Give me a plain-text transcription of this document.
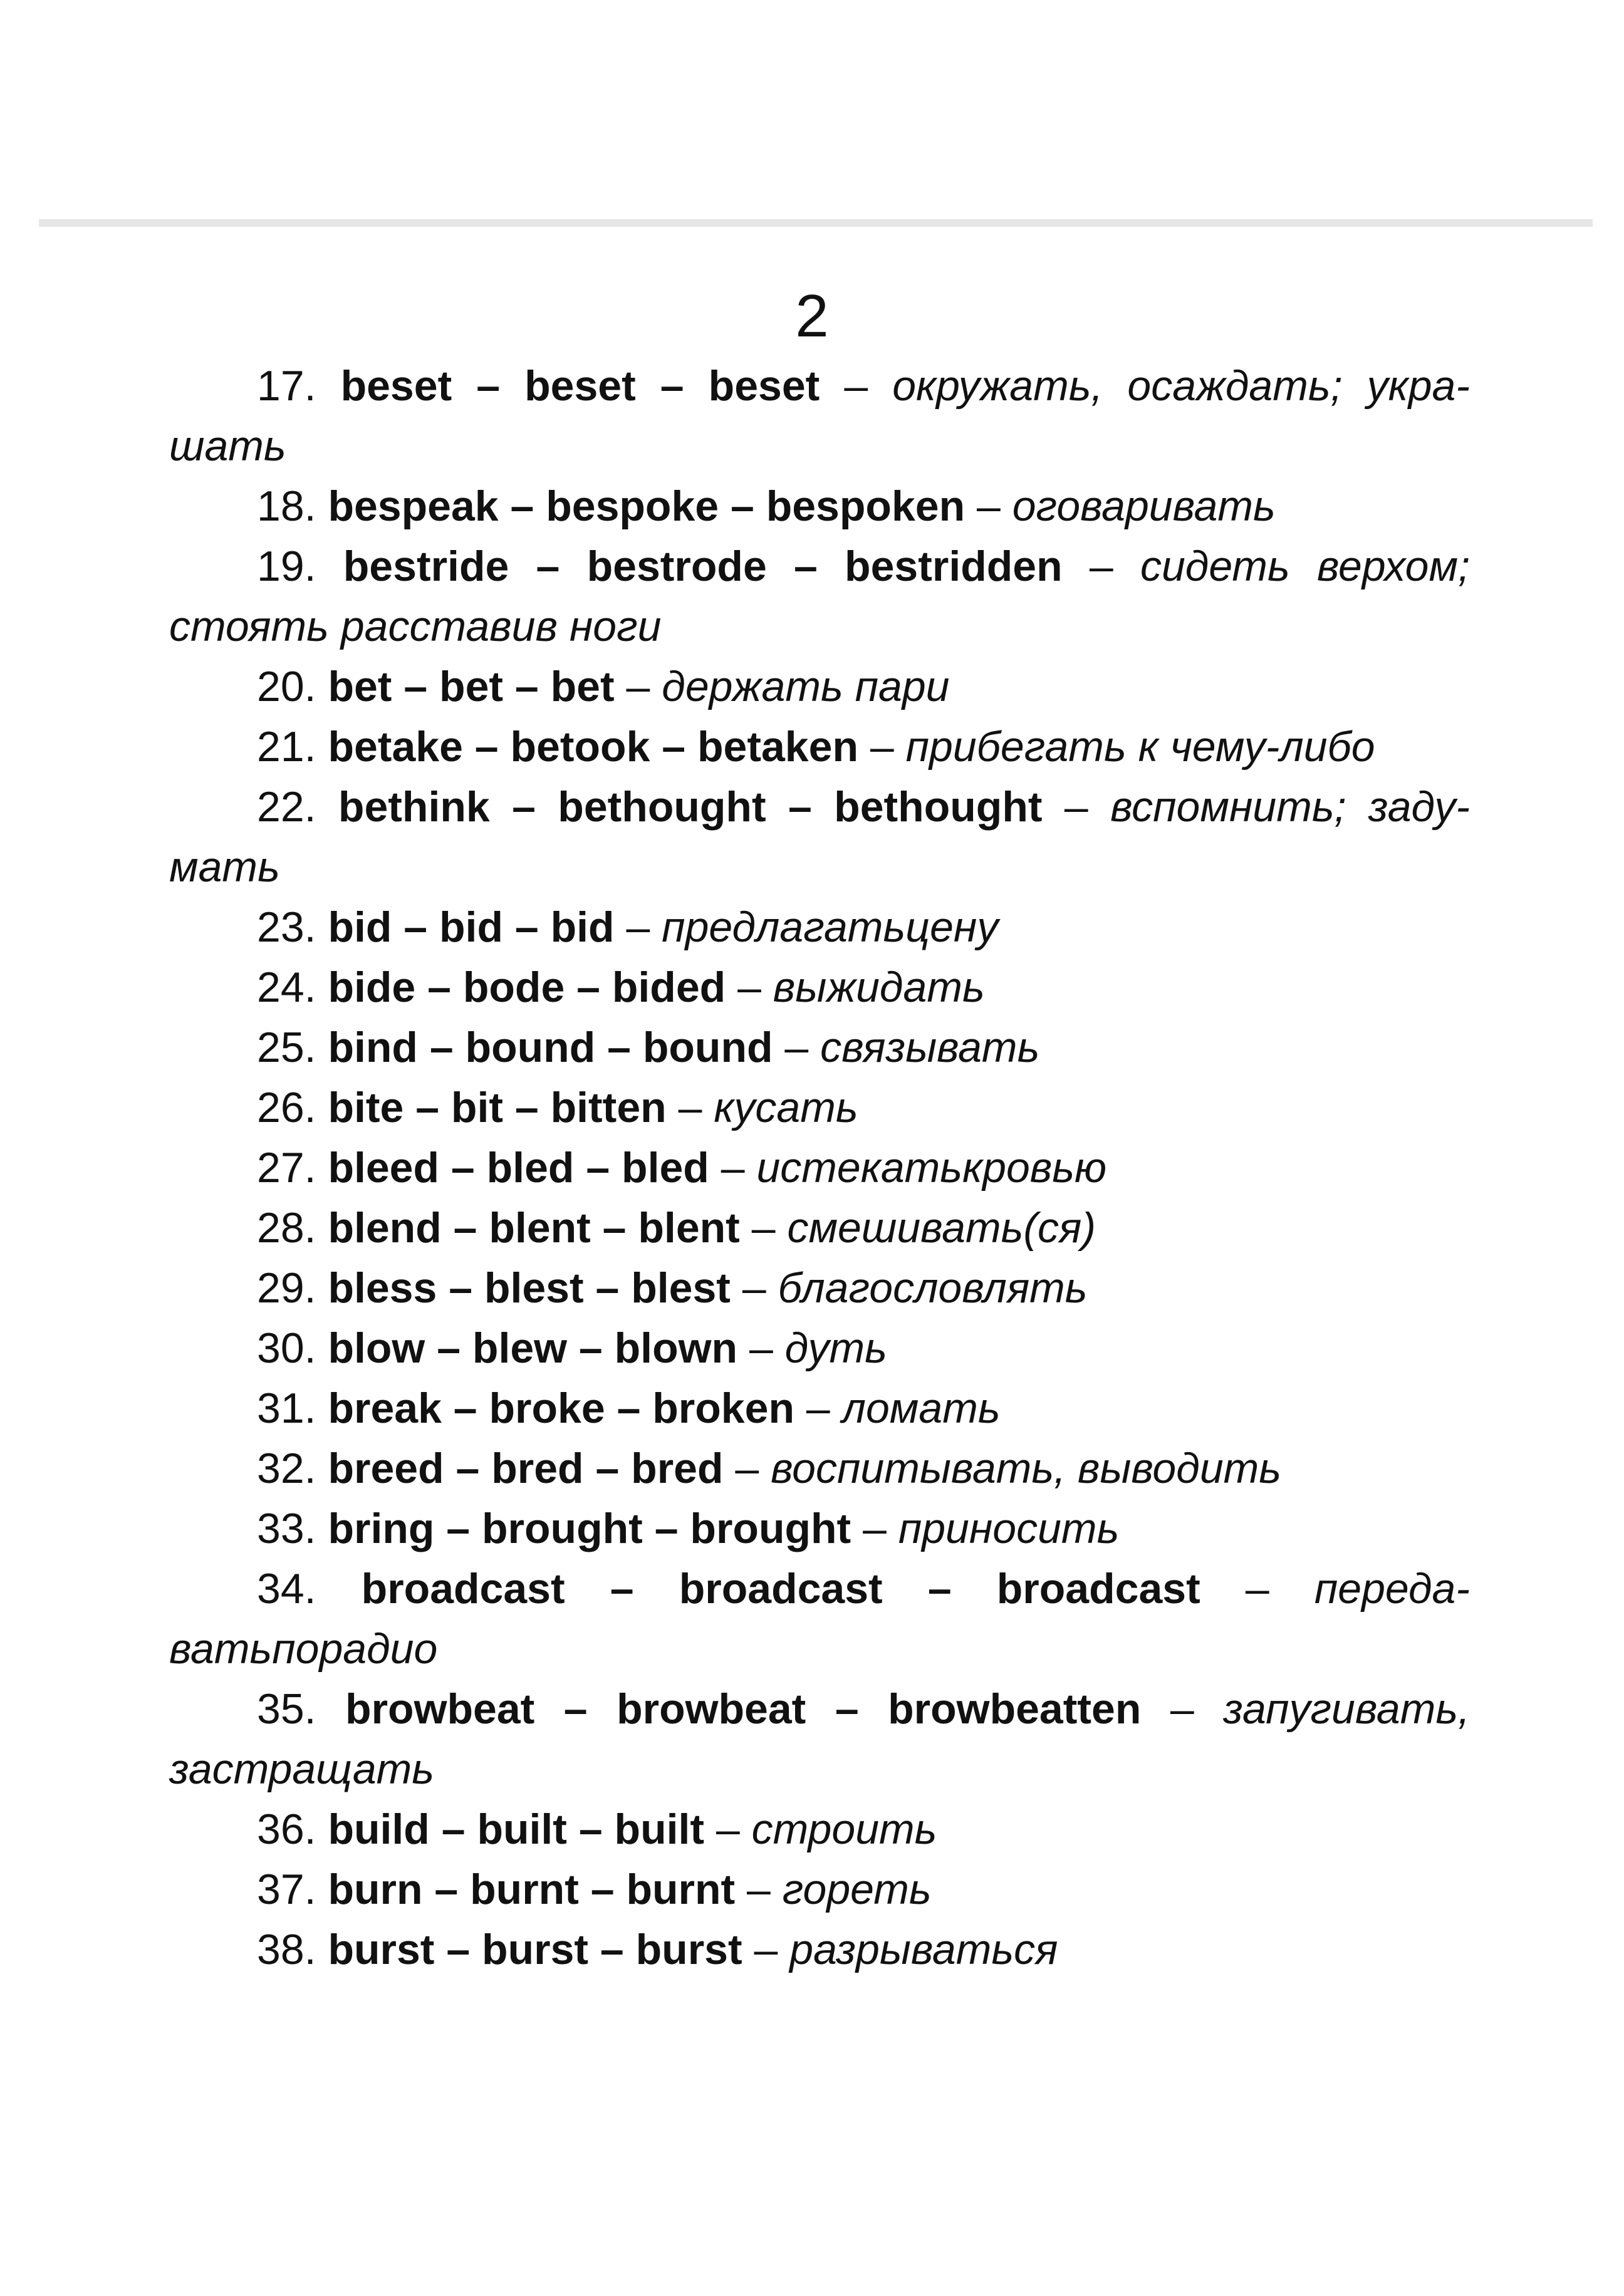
2

17. beset – beset – beset – окружать, осаждать; укра-шать

18. bespeak – bespoke – bespoken – оговаривать

19. bestride – bestrode – bestridden – сидеть верхом; стоять расставив ноги

20. bet – bet – bet – держать пари

21. betake – betook – betaken – прибегать к чему-либо

22. bethink – bethought – bethought – вспомнить; заду-мать

23. bid – bid – bid – предлагатьцену

24. bide – bode – bided – выжидать

25. bind – bound – bound – связывать

26. bite – bit – bitten – кусать

27. bleed – bled – bled – истекатькровью

28. blend – blent – blent – смешивать(ся)

29. bless – blest – blest – благословлять

30. blow – blew – blown – дуть

31. break – broke – broken – ломать

32. breed – bred – bred – воспитывать, выводить

33. bring – brought – brought – приносить

34. broadcast – broadcast – broadcast – переда-ватьпорадио

35. browbeat – browbeat – browbeatten – запугивать, застращать

36. build – built – built – строить

37. burn – burnt – burnt – гореть

38. burst – burst – burst – разрываться
